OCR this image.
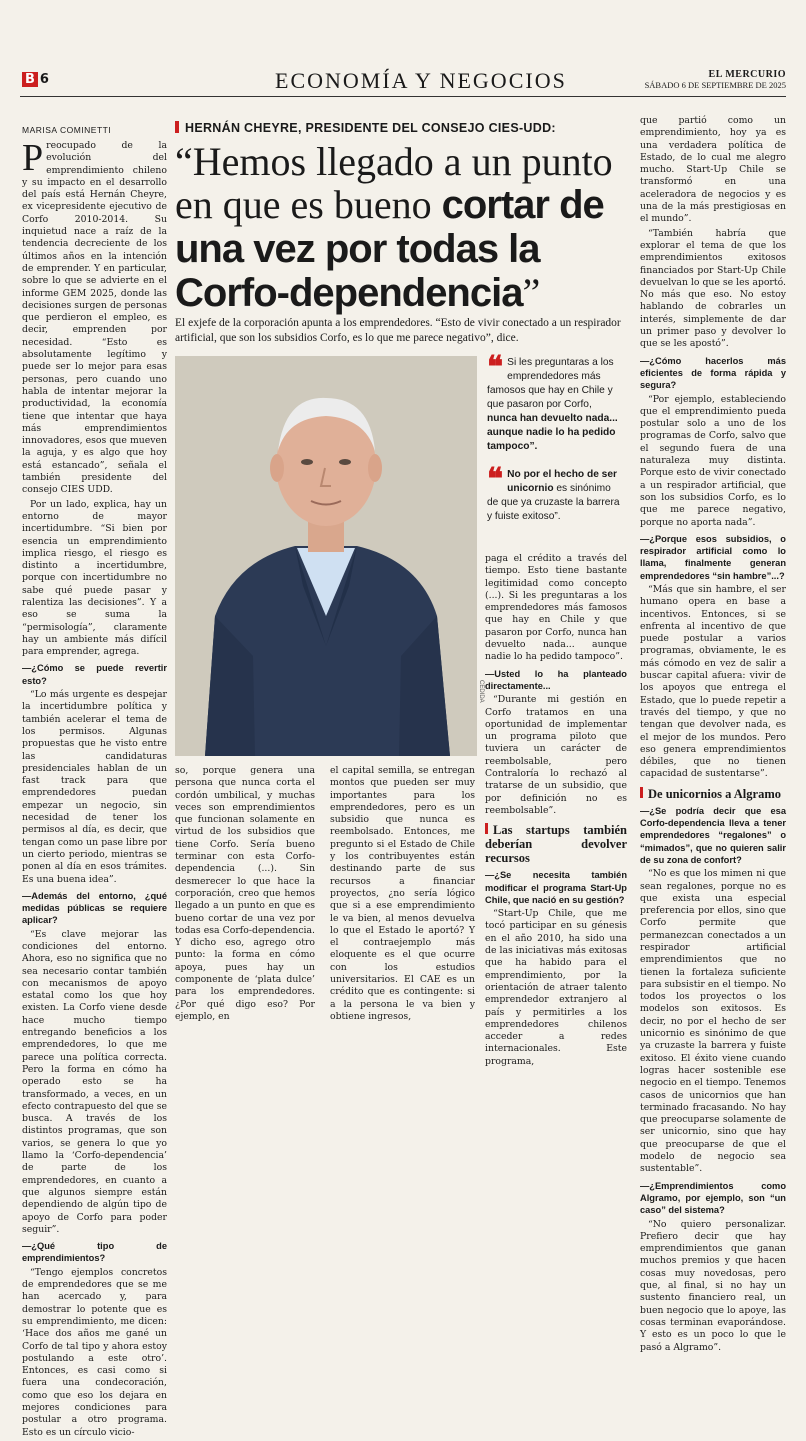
B 6	ECONOMÍA Y NEGOCIOS	EL MERCURIO
SÁBADO 6 DE SEPTIEMBRE DE 2025
MARISA COMINETTI

Preocupado de la evolución del emprendimiento chileno y su impacto en el desarrollo del país está Hernán Cheyre, ex vicepresidente ejecutivo de Corfo 2010-2014. Su inquietud nace a raíz de la tendencia decreciente de los últimos años en la intención de emprender. Y en particular, sobre lo que se advierte en el informe GEM 2025, donde las decisiones surgen de personas que perdieron el empleo, es decir, emprenden por necesidad. “Esto es absolutamente legítimo y puede ser lo mejor para esas personas, pero cuando uno habla de intentar mejorar la productividad, la economía tiene que intentar que haya más emprendimientos innovadores, esos que mueven la aguja, y es algo que hoy está estancado”, señala el también presidente del consejo CIES UDD.

Por un lado, explica, hay un entorno de mayor incertidumbre. “Si bien por esencia un emprendimiento implica riesgo, el riesgo es distinto a incertidumbre, porque con incertidumbre no sabe qué puede pasar y ralentiza las decisiones”. Y a eso se suma la “permisología”, claramente hay un ambiente más difícil para emprender, agrega.

—¿Cómo se puede revertir esto?

“Lo más urgente es despejar la incertidumbre política y también acelerar el tema de los permisos. Algunas propuestas que he visto entre las candidaturas presidenciales hablan de un fast track para que emprendedores puedan empezar un negocio, sin necesidad de tener los permisos al día, es decir, que tengan como un pase libre por un cierto periodo, mientras se ponen al día en esos trámites. Es una buena idea”.

—Además del entorno, ¿qué medidas públicas se requiere aplicar?

“Es clave mejorar las condiciones del entorno. Ahora, eso no significa que no sea necesario contar también con mecanismos de apoyo estatal como los que hoy existen. La Corfo viene desde hace mucho tiempo entregando beneficios a los emprendedores, lo que me parece una política correcta. Pero la forma en cómo ha operado esto se ha transformado, a veces, en un efecto contrapuesto del que se busca. A través de los distintos programas, que son varios, se genera lo que yo llamo la ‘Corfo-dependencia’ de parte de los emprendedores, en cuanto a que algunos siempre están dependiendo de algún tipo de apoyo de Corfo para poder seguir”.

—¿Qué tipo de emprendimientos?

“Tengo ejemplos concretos de emprendedores que se me han acercado y, para demostrar lo potente que es su emprendimiento, me dicen: ‘Hace dos años me gané un Corfo de tal tipo y ahora estoy postulando a este otro’. Entonces, es casi como si fuera una condecoración, como que eso los dejara en mejores condiciones para postular a otro programa. Esto es un círculo vicio-

HERNÁN CHEYRE, PRESIDENTE DEL CONSEJO CIES-UDD:
“Hemos llegado a un punto en que es bueno cortar de una vez por todas la Corfo-dependencia”
El exjefe de la corporación apunta a los emprendedores. “Esto de vivir conectado a un respirador artificial, que son los subsidios Corfo, es lo que me parece negativo”, dice.
CEDIDA

❝ Si les preguntaras a los emprendedores más famosos que hay en Chile y que pasaron por Corfo, nunca han devuelto nada... aunque nadie lo ha pedido tampoco”.

❝ No por el hecho de ser unicornio es sinónimo de que ya cruzaste la barrera y fuiste exitoso”.

so, porque genera una persona que nunca corta el cordón umbilical, y muchas veces son emprendimientos que funcionan solamente en virtud de los subsidios que tiene Corfo. Sería bueno terminar con esta Corfo-dependencia (...). Sin desmerecer lo que hace la corporación, creo que hemos llegado a un punto en que es bueno cortar de una vez por todas esa Corfo-dependencia. Y dicho eso, agrego otro punto: la forma en cómo apoya, pues hay un componente de ‘plata dulce’ para los emprendedores. ¿Por qué digo eso? Por ejemplo, en

el capital semilla, se entregan montos que pueden ser muy importantes para los emprendedores, pero es un subsidio que nunca es reembolsado. Entonces, me pregunto si el Estado de Chile y los contribuyentes están destinando parte de sus recursos a financiar proyectos, ¿no sería lógico que si a ese emprendimiento le va bien, al menos devuelva lo que el Estado le aportó? Y el contraejemplo más eloquente es el que ocurre con los estudios universitarios. El CAE es un crédito que es contingente: si a la persona le va bien y obtiene ingresos,

paga el crédito a través del tiempo. Esto tiene bastante legitimidad como concepto (...). Si les preguntaras a los emprendedores más famosos que hay en Chile y que pasaron por Corfo, nunca han devuelto nada... aunque nadie lo ha pedido tampoco”.

—Usted lo ha planteado directamente...

“Durante mi gestión en Corfo tratamos en una oportunidad de implementar un programa piloto que tuviera un carácter de reembolsable, pero Contraloría lo rechazó al tratarse de un subsidio, que por definición no es reembolsable”.

Las startups también deberían devolver recursos

—¿Se necesita también modificar el programa Start-Up Chile, que nació en su gestión?

“Start-Up Chile, que me tocó participar en su génesis en el año 2010, ha sido una de las iniciativas más exitosas que ha habido para el emprendimiento, por la orientación de atraer talento emprendedor extranjero al país y permitirles a los emprendedores chilenos acceder a redes internacionales. Este programa,

que partió como un emprendimiento, hoy ya es una verdadera política de Estado, de lo cual me alegro mucho. Start-Up Chile se transformó en una aceleradora de negocios y es una de la más prestigiosas en el mundo”.

“También habría que explorar el tema de que los emprendimientos exitosos financiados por Start-Up Chile devuelvan lo que se les aportó. No más que eso. No estoy hablando de cobrarles un interés, simplemente de dar un primer paso y devolver lo que se les apostó”.

—¿Cómo hacerlos más eficientes de forma rápida y segura?

“Por ejemplo, estableciendo que el emprendimiento pueda postular solo a uno de los programas de Corfo, salvo que el segundo fuera de una naturaleza muy distinta. Porque esto de vivir conectado a un respirador artificial, que son los subsidios Corfo, es lo que me parece negativo, porque no aporta nada”.

—¿Porque esos subsidios, o respirador artificial como lo llama, finalmente generan emprendedores “sin hambre”...?

“Más que sin hambre, el ser humano opera en base a incentivos. Entonces, si se enfrenta al incentivo de que puede postular a varios programas, obviamente, le es más cómodo en vez de salir a buscar capital afuera: vivir de los apoyos que entrega el Estado, que lo puede repetir a través del tiempo, y que no tengan que devolver nada, es el mejor de los mundos. Pero eso genera emprendimientos débiles, que no tienen capacidad de sustentarse”.

De unicornios a Algramo

—¿Se podría decir que esa Corfo-dependencia lleva a tener emprendedores “regalones” o “mimados”, que no quieren salir de su zona de confort?

“No es que los mimen ni que sean regalones, porque no es que exista una especial preferencia por ellos, sino que Corfo permite que permanezcan conectados a un respirador artificial emprendimientos que no tienen la fortaleza suficiente para subsistir en el tiempo. No todos los proyectos o los modelos son exitosos. Es decir, no por el hecho de ser unicornio es sinónimo de que ya cruzaste la barrera y fuiste exitoso. El éxito viene cuando logras hacer sostenible ese negocio en el tiempo. Tenemos casos de unicornios que han terminado fracasando. No hay que preocuparse solamente de ser unicornio, sino que hay que preocuparse de que el modelo de negocio sea sustentable”.

—¿Emprendimientos como Algramo, por ejemplo, son “un caso” del sistema?

“No quiero personalizar. Prefiero decir que hay emprendimientos que ganan muchos premios y que hacen cosas muy novedosas, pero que, al final, si no hay un sustento financiero real, un buen negocio que lo apoye, las cosas terminan evaporándose. Y esto es un poco lo que le pasó a Algramo”.
